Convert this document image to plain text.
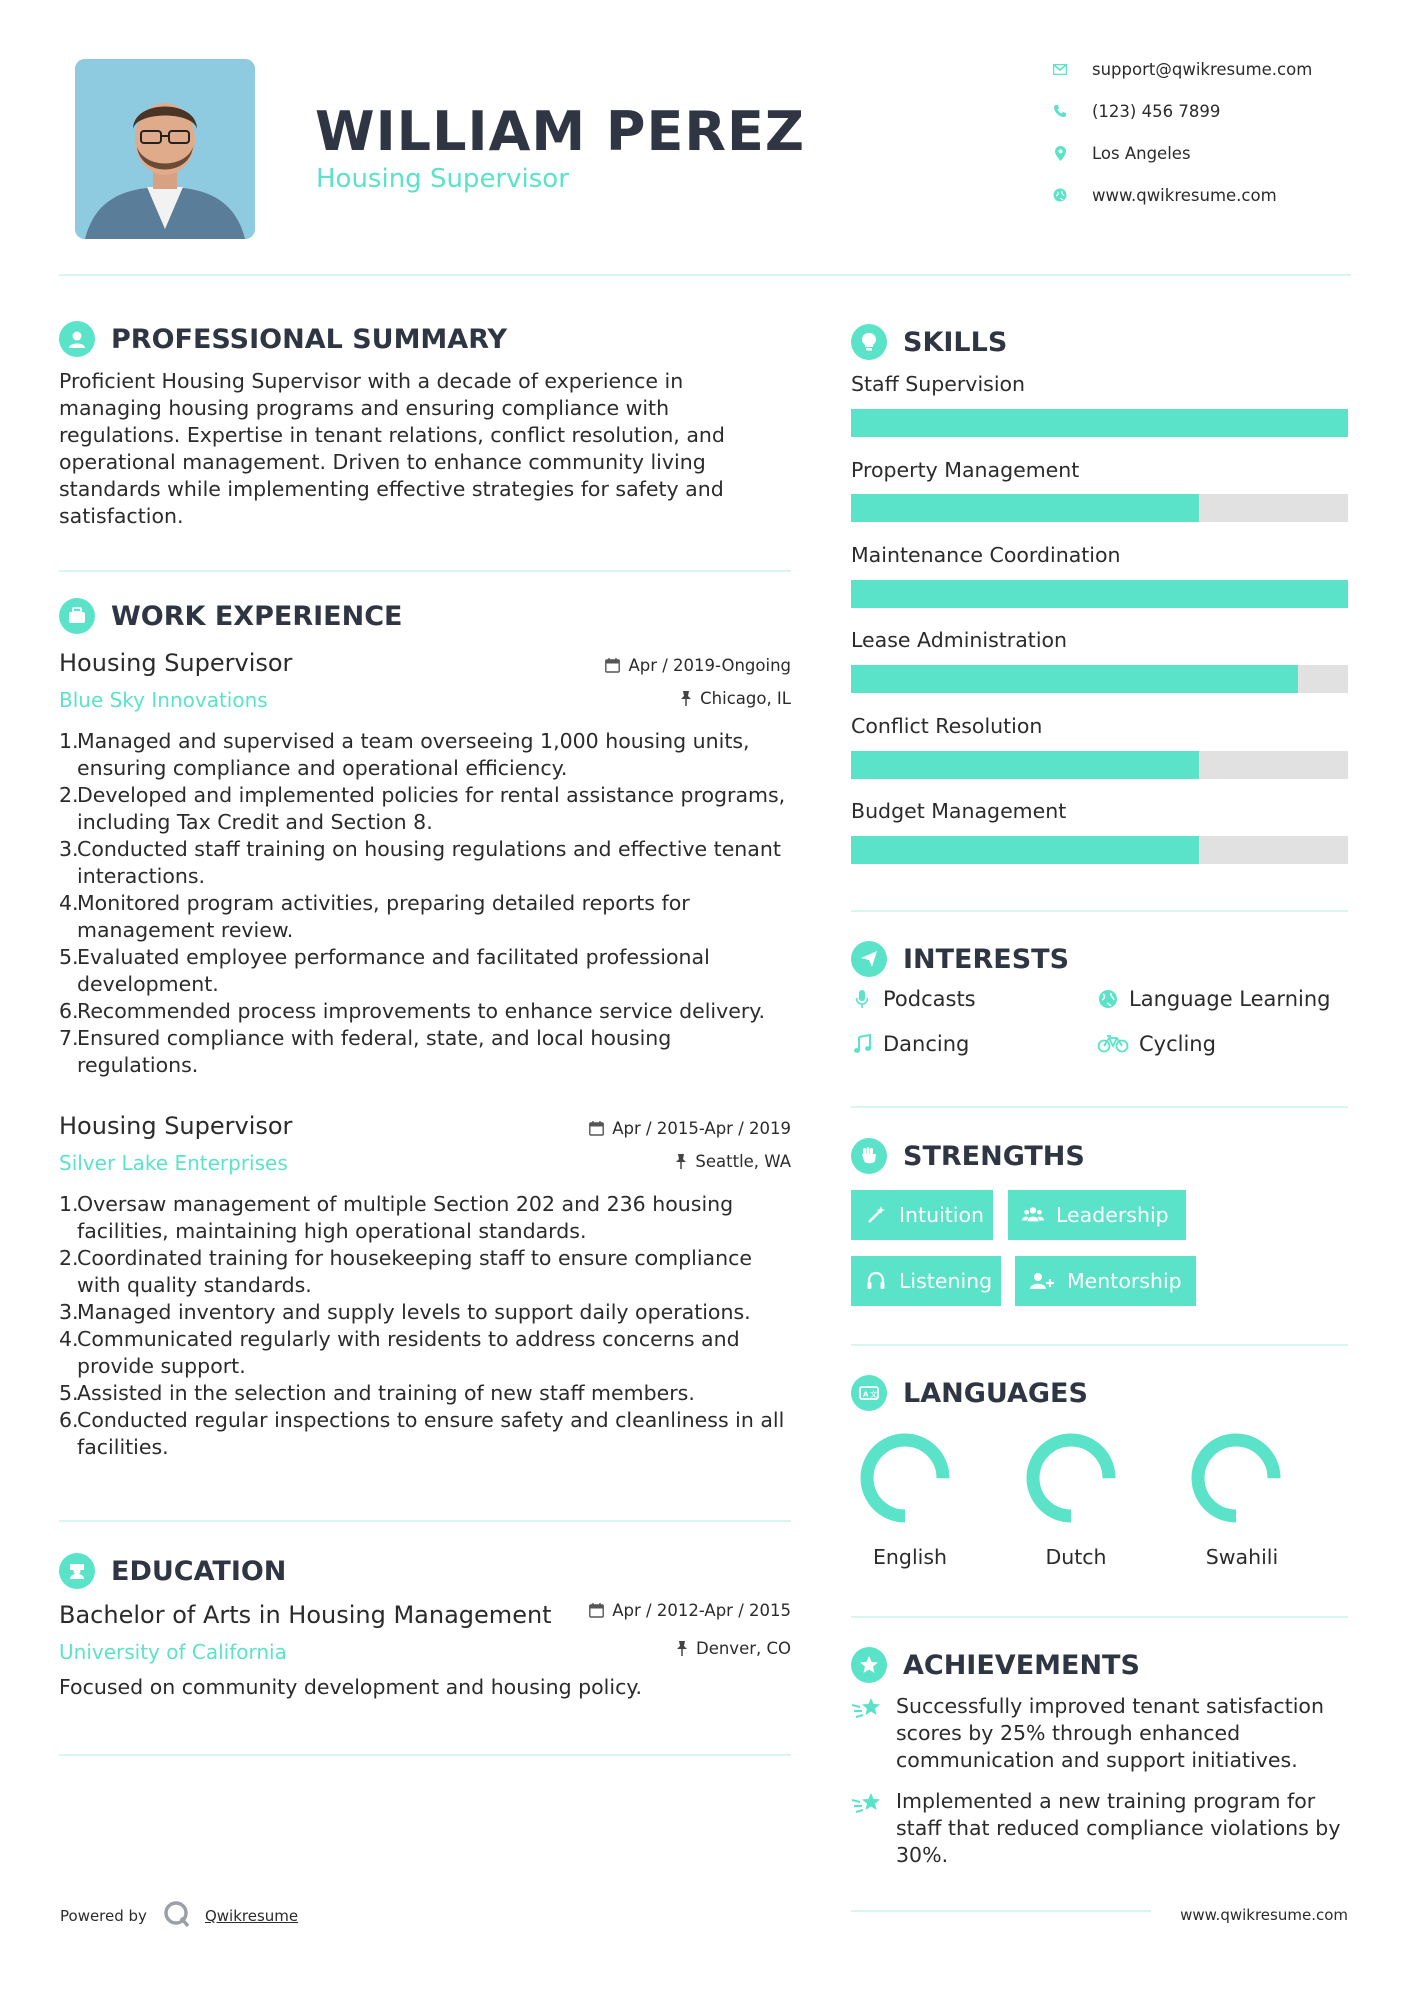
WILLIAM PEREZ
Housing Supervisor
support@qwikresume.com
(123) 456 7899
Los Angeles
www.qwikresume.com
PROFESSIONAL SUMMARY
Proficient Housing Supervisor with a decade of experience in managing housing programs and ensuring compliance with regulations. Expertise in tenant relations, conflict resolution, and operational management. Driven to enhance community living standards while implementing effective strategies for safety and satisfaction.
WORK EXPERIENCE
Housing Supervisor
Blue Sky Innovations
Apr / 2019-Ongoing
Chicago, IL
1.
Managed and supervised a team overseeing 1,000 housing units, ensuring compliance and operational efficiency.
2.
Developed and implemented policies for rental assistance programs, including Tax Credit and Section 8.
3.
Conducted staff training on housing regulations and effective tenant interactions.
4.
Monitored program activities, preparing detailed reports for management review.
5.
Evaluated employee performance and facilitated professional development.
6.
Recommended process improvements to enhance service delivery.
7.
Ensured compliance with federal, state, and local housing regulations.
Housing Supervisor
Silver Lake Enterprises
Apr / 2015-Apr / 2019
Seattle, WA
1.
Oversaw management of multiple Section 202 and 236 housing facilities, maintaining high operational standards.
2.
Coordinated training for housekeeping staff to ensure compliance with quality standards.
3.
Managed inventory and supply levels to support daily operations.
4.
Communicated regularly with residents to address concerns and provide support.
5.
Assisted in the selection and training of new staff members.
6.
Conducted regular inspections to ensure safety and cleanliness in all facilities.
EDUCATION
Bachelor of Arts in Housing Management
University of California
Apr / 2012-Apr / 2015
Denver, CO
Focused on community development and housing policy.
SKILLS
Staff Supervision
Property Management
Maintenance Coordination
Lease Administration
Conflict Resolution
Budget Management
INTERESTS
Podcasts	Language Learning
Dancing	Cycling
STRENGTHS
Intuition	Leadership
Listening	Mentorship
A 文 LANGUAGES
English	Dutch	Swahili
ACHIEVEMENTS
Successfully improved tenant satisfaction scores by 25% through enhanced communication and support initiatives.
Implemented a new training program for staff that reduced compliance violations by 30%.
Powered by	Qwikresume	www.qwikresume.com
